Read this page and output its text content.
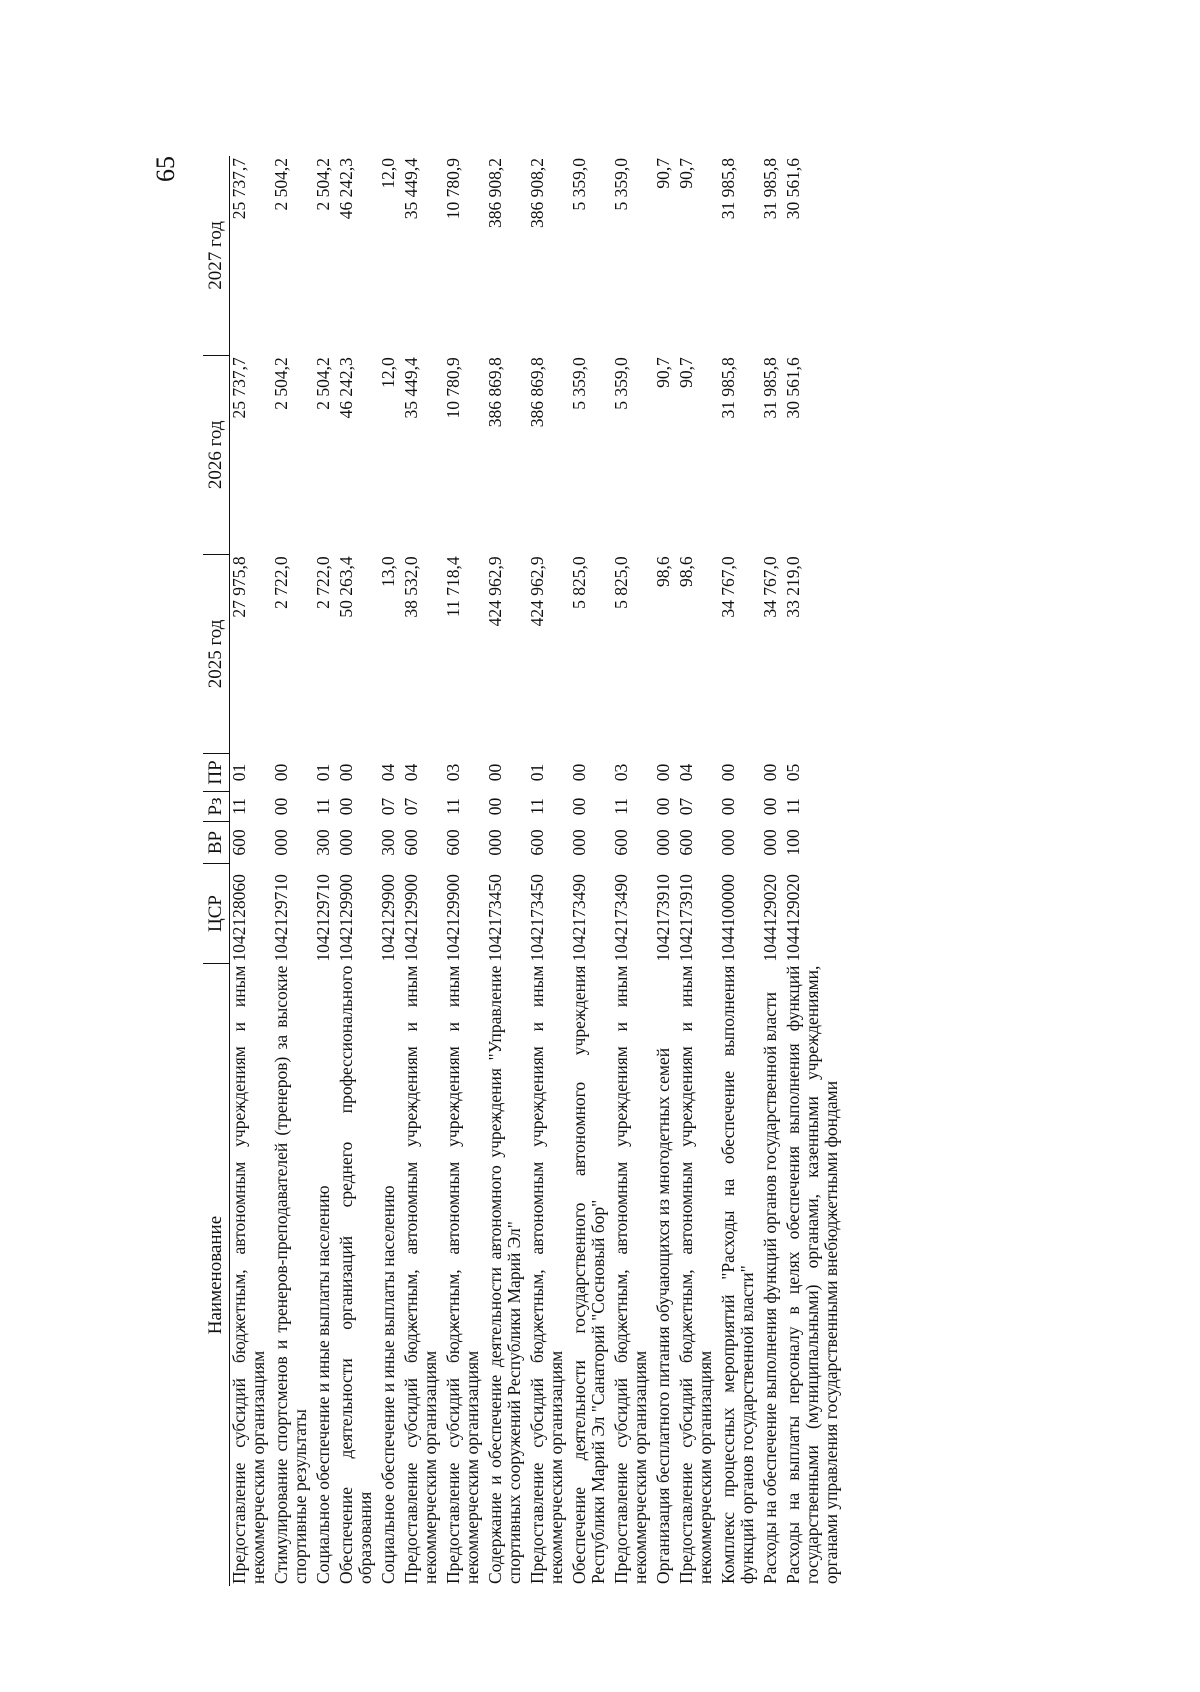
65
Наименование	ЦСР	ВР	Рз	ПР	2025 год	2026 год	2027 год
Предоставление субсидий бюджетным, автономным учреждениям и иным некоммерческим организациям	1042128060	600	11	01	27 975,8	25 737,7	25 737,7
Стимулирование спортсменов и тренеров-преподавателей (тренеров) за высокие спортивные результаты	1042129710	000	00	00	2 722,0	2 504,2	2 504,2
Социальное обеспечение и иные выплаты населению	1042129710	300	11	01	2 722,0	2 504,2	2 504,2
Обеспечение деятельности организаций среднего профессионального образования	1042129900	000	00	00	50 263,4	46 242,3	46 242,3
Социальное обеспечение и иные выплаты населению	1042129900	300	07	04	13,0	12,0	12,0
Предоставление субсидий бюджетным, автономным учреждениям и иным некоммерческим организациям	1042129900	600	07	04	38 532,0	35 449,4	35 449,4
Предоставление субсидий бюджетным, автономным учреждениям и иным некоммерческим организациям	1042129900	600	11	03	11 718,4	10 780,9	10 780,9
Содержание и обеспечение деятельности автономного учреждения "Управление спортивных сооружений Республики Марий Эл"	1042173450	000	00	00	424 962,9	386 869,8	386 908,2
Предоставление субсидий бюджетным, автономным учреждениям и иным некоммерческим организациям	1042173450	600	11	01	424 962,9	386 869,8	386 908,2
Обеспечение деятельности государственного автономного учреждения Республики Марий Эл "Санаторий "Сосновый бор"	1042173490	000	00	00	5 825,0	5 359,0	5 359,0
Предоставление субсидий бюджетным, автономным учреждениям и иным некоммерческим организациям	1042173490	600	11	03	5 825,0	5 359,0	5 359,0
Организация бесплатного питания обучающихся из многодетных семей	1042173910	000	00	00	98,6	90,7	90,7
Предоставление субсидий бюджетным, автономным учреждениям и иным некоммерческим организациям	1042173910	600	07	04	98,6	90,7	90,7
Комплекс процессных мероприятий "Расходы на обеспечение выполнения функций органов государственной власти"	1044100000	000	00	00	34 767,0	31 985,8	31 985,8
Расходы на обеспечение выполнения функций органов государственной власти	1044129020	000	00	00	34 767,0	31 985,8	31 985,8
Расходы на выплаты персоналу в целях обеспечения выполнения функций государственными (муниципальными) органами, казенными учреждениями, органами управления государственными внебюджетными фондами	1044129020	100	11	05	33 219,0	30 561,6	30 561,6
